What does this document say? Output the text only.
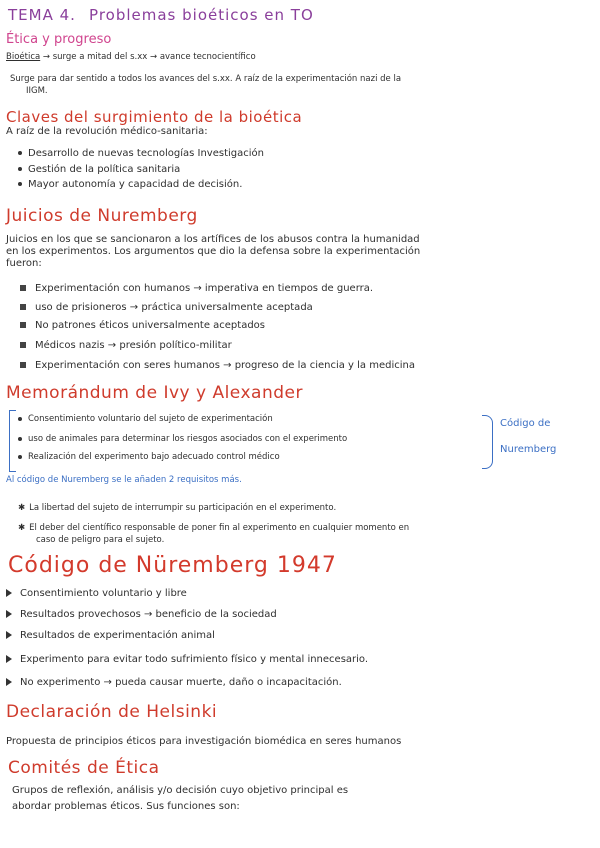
TEMA 4. Problemas bioéticos en TO
Ética y progreso
Bioética → surge a mitad del s.xx → avance tecnocientífico
Surge para dar sentido a todos los avances del s.xx. A raíz de la experimentación nazi de la
IIGM.
Claves del surgimiento de la bioética
A raíz de la revolución médico-sanitaria:
Desarrollo de nuevas tecnologías Investigación
Gestión de la política sanitaria
Mayor autonomía y capacidad de decisión.
Juicios de Nuremberg
Juicios en los que se sancionaron a los artífices de los abusos contra la humanidad
en los experimentos. Los argumentos que dio la defensa sobre la experimentación
fueron:
Experimentación con humanos → imperativa en tiempos de guerra.
uso de prisioneros → práctica universalmente aceptada
No patrones éticos universalmente aceptados
Médicos nazis → presión político-militar
Experimentación con seres humanos → progreso de la ciencia y la medicina
Memorándum de Ivy y Alexander
Consentimiento voluntario del sujeto de experimentación
uso de animales para determinar los riesgos asociados con el experimento
Realización del experimento bajo adecuado control médico
Código de
Nuremberg
Al código de Nuremberg se le añaden 2 requisitos más.
✱ La libertad del sujeto de interrumpir su participación en el experimento.
✱ El deber del científico responsable de poner fin al experimento en cualquier momento en
caso de peligro para el sujeto.
Código de Nüremberg 1947
Consentimiento voluntario y libre
Resultados provechosos → beneficio de la sociedad
Resultados de experimentación animal
Experimento para evitar todo sufrimiento físico y mental innecesario.
No experimento → pueda causar muerte, daño o incapacitación.
Declaración de Helsinki
Propuesta de principios éticos para investigación biomédica en seres humanos
Comités de Ética
Grupos de reflexión, análisis y/o decisión cuyo objetivo principal es
abordar problemas éticos. Sus funciones son:
